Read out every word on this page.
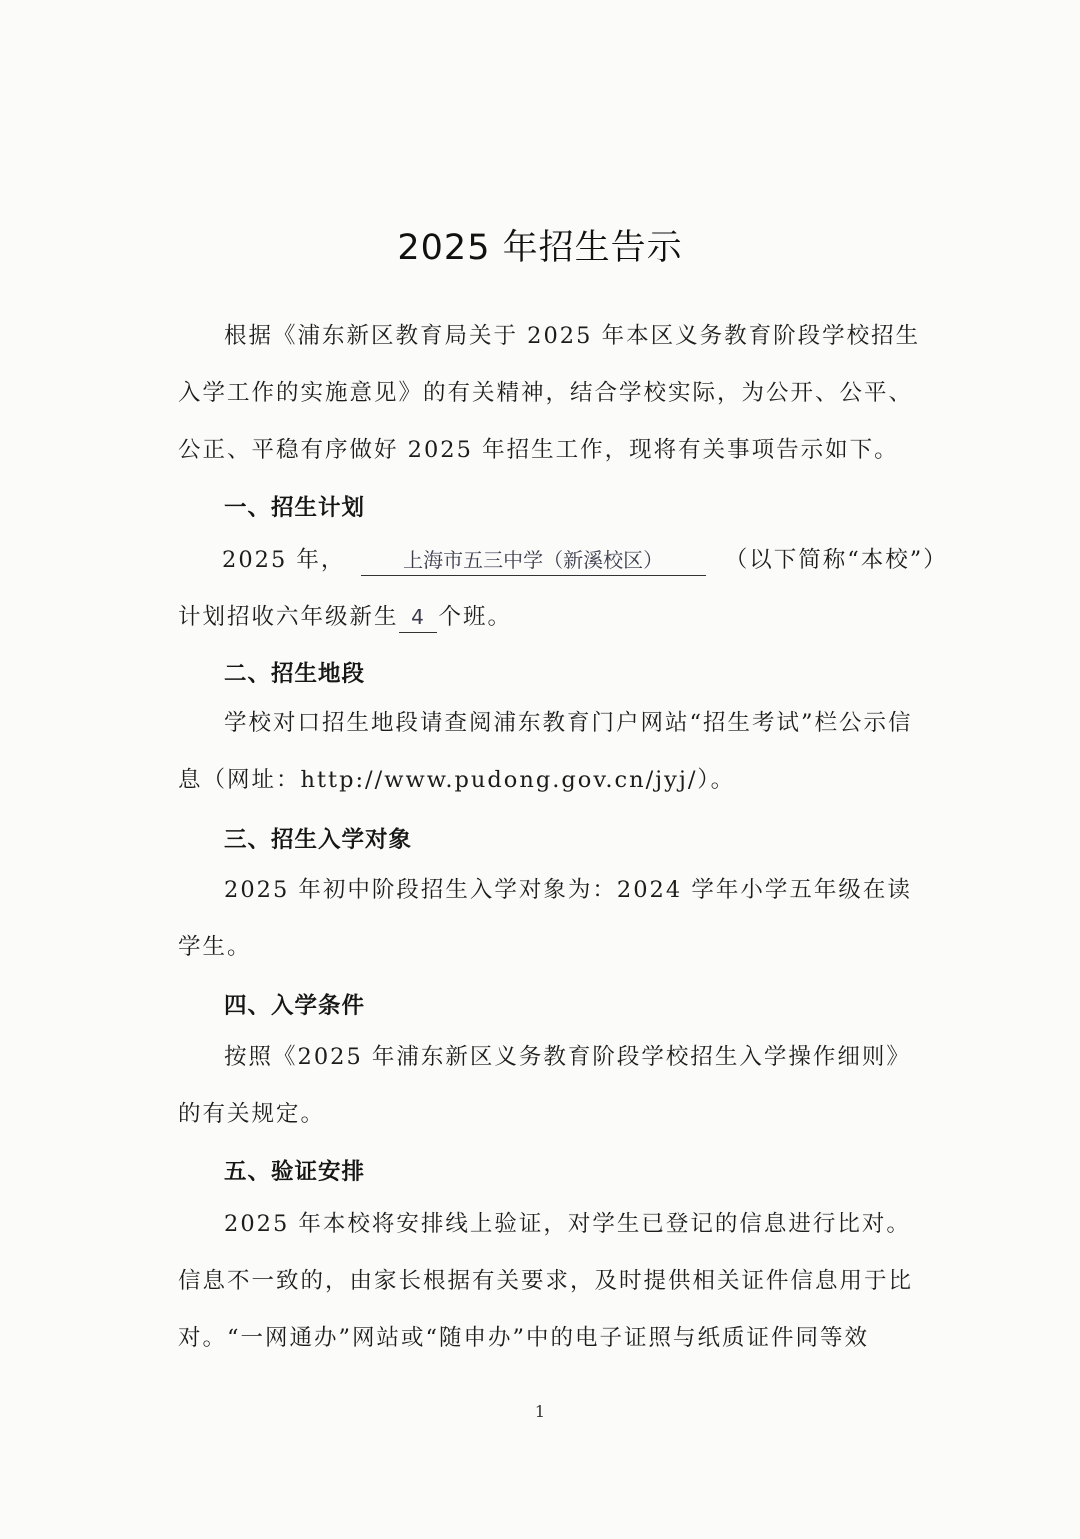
2025 年招生告示

根据《浦东新区教育局关于 2025 年本区义务教育阶段学校招生入学工作的实施意见》的有关精神，结合学校实际，为公开、公平、公正、平稳有序做好 2025 年招生工作，现将有关事项告示如下。

一、招生计划
2025 年，	上海市五三中学（新溪校区）	（以下简称“本校”）
计划招收六年级新生 4 个班。
二、招生地段

学校对口招生地段请查阅浦东教育门户网站“招生考试”栏公示信息（网址：http://www.pudong.gov.cn/jyj/）。

三、招生入学对象

2025 年初中阶段招生入学对象为：2024 学年小学五年级在读学生。

四、入学条件

按照《2025 年浦东新区义务教育阶段学校招生入学操作细则》的有关规定。

五、验证安排

2025 年本校将安排线上验证，对学生已登记的信息进行比对。信息不一致的，由家长根据有关要求，及时提供相关证件信息用于比对。“一网通办”网站或“随申办”中的电子证照与纸质证件同等效

1
